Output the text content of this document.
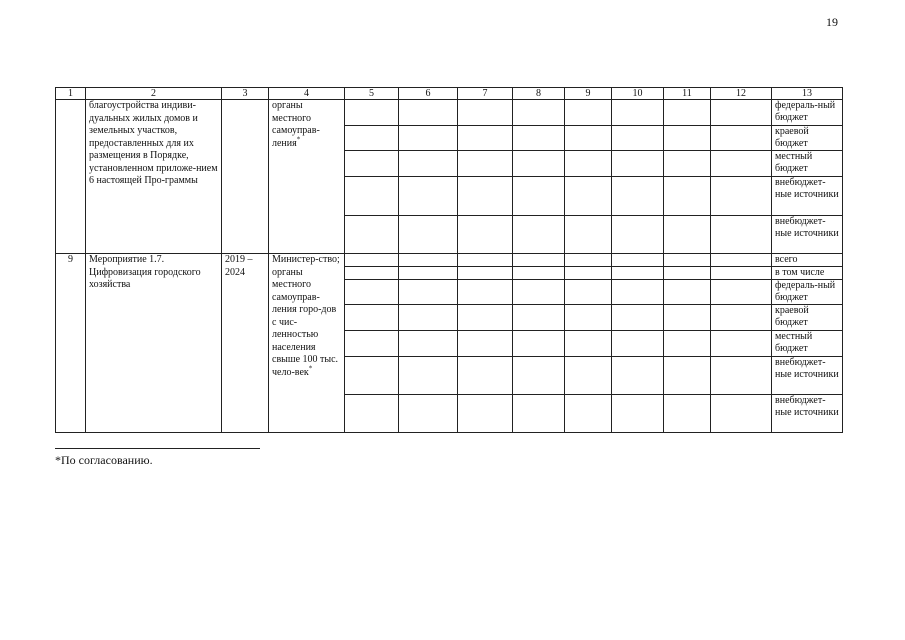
19
1	2	3	4	5	6	7	8	9	10	11	12	13
	благоустройства индиви-дуальных жилых домов и земельных участков, предоставленных для их размещения в Порядке, установленном приложе-нием 6 настоящей Про-граммы		органы местного самоуправ-ления*									федераль-ный бюджет
												краевой бюджет
												местный бюджет
												внебюджет-ные источники
												внебюджет-ные источники
9	Мероприятие 1.7. Цифровизация городского хозяйства	2019 – 2024	Министер-ство; органы местного самоуправ-ления горо-дов с чис-ленностью населения свыше 100 тыс. чело-век*									всего
												в том числе
												федераль-ный бюджет
												краевой бюджет
												местный бюджет
												внебюджет-ные источники
												внебюджет-ные источники
*По согласованию.
